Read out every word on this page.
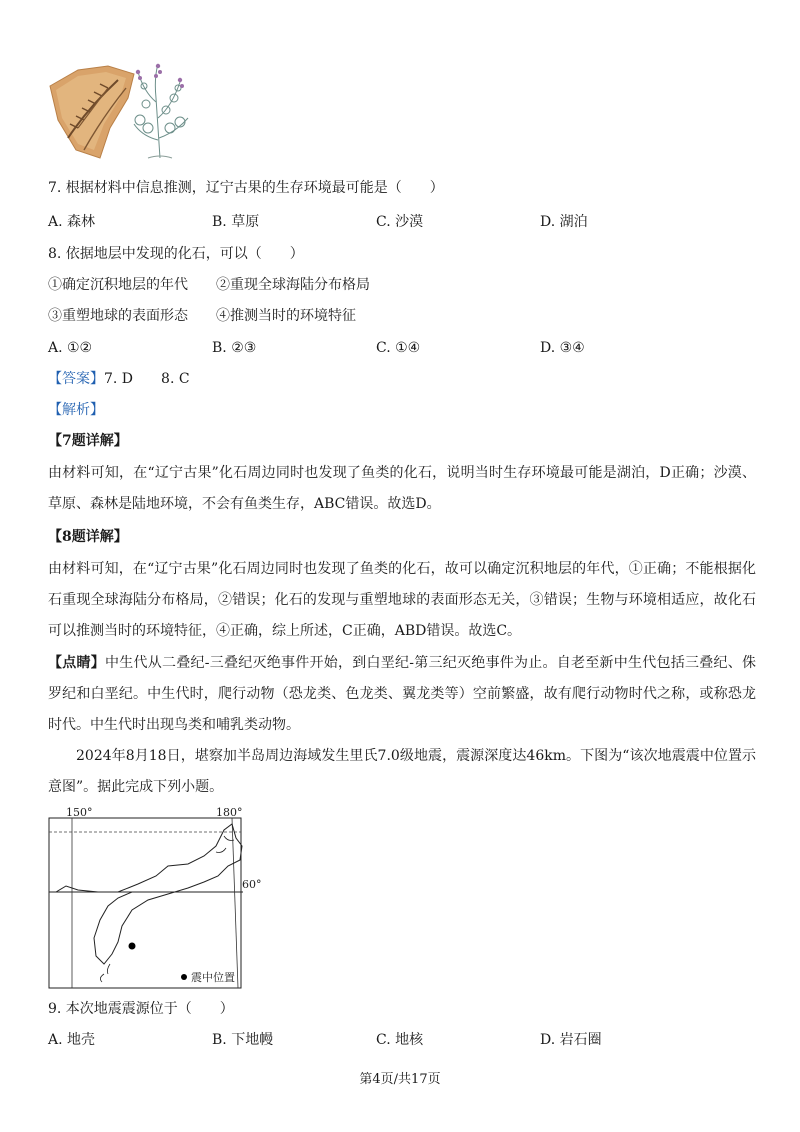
7. 根据材料中信息推测，辽宁古果的生存环境最可能是（　　）
A. 森林	B. 草原	C. 沙漠	D. 湖泊
8. 依据地层中发现的化石，可以（　　）
①确定沉积地层的年代　　②重现全球海陆分布格局
③重塑地球的表面形态　　④推测当时的环境特征
A. ①②	B. ②③	C. ①④	D. ③④
【答案】7. D　　8. C
【解析】
【7题详解】
由材料可知，在“辽宁古果”化石周边同时也发现了鱼类的化石，说明当时生存环境最可能是湖泊，D正确；沙漠、草原、森林是陆地环境，不会有鱼类生存，ABC错误。故选D。
【8题详解】
由材料可知，在“辽宁古果”化石周边同时也发现了鱼类的化石，故可以确定沉积地层的年代，①正确；不能根据化石重现全球海陆分布格局，②错误；化石的发现与重塑地球的表面形态无关，③错误；生物与环境相适应，故化石可以推测当时的环境特征，④正确，综上所述，C正确，ABD错误。故选C。
【点睛】中生代从二叠纪-三叠纪灭绝事件开始，到白垩纪-第三纪灭绝事件为止。自老至新中生代包括三叠纪、侏罗纪和白垩纪。中生代时，爬行动物（恐龙类、色龙类、翼龙类等）空前繁盛，故有爬行动物时代之称，或称恐龙时代。中生代时出现鸟类和哺乳类动物。
2024年8月18日，堪察加半岛周边海域发生里氏7.0级地震，震源深度达46km。下图为“该次地震震中位置示意图”。据此完成下列小题。
150°	180°
60°
震中位置
9. 本次地震震源位于（　　）
A. 地壳	B. 下地幔	C. 地核	D. 岩石圈
第4页/共17页
